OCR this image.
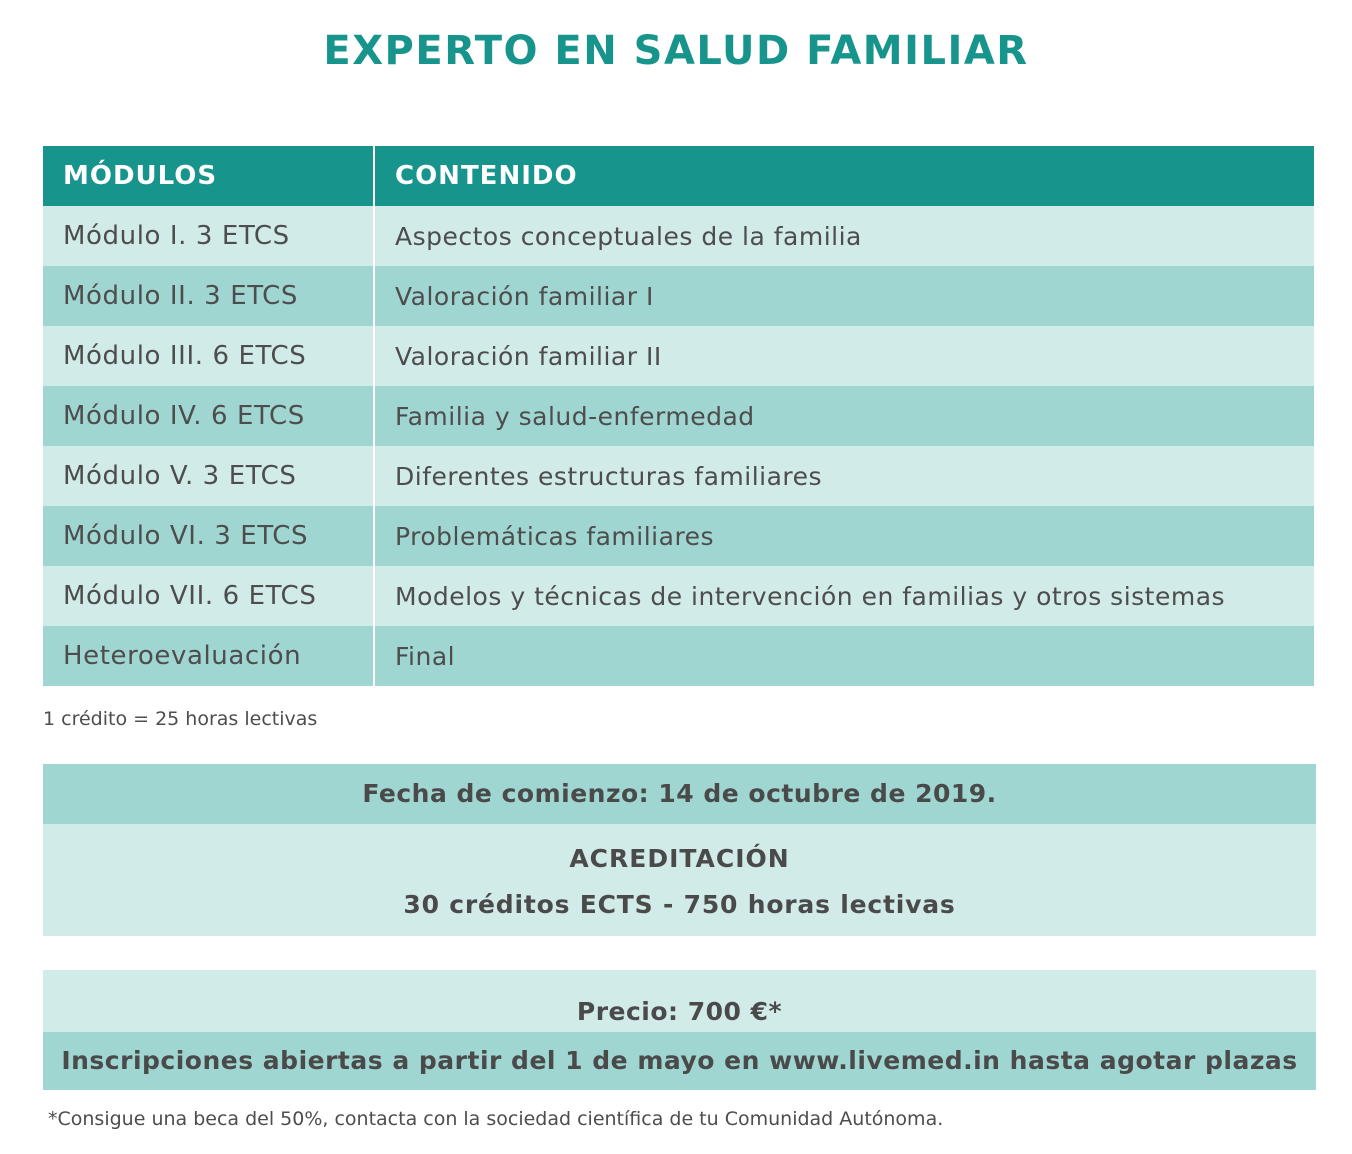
EXPERTO EN SALUD FAMILIAR
MÓDULOS	CONTENIDO
Módulo I. 3 ETCS	Aspectos conceptuales de la familia
Módulo II. 3 ETCS	Valoración familiar I
Módulo III. 6 ETCS	Valoración familiar II
Módulo IV. 6 ETCS	Familia y salud-enfermedad
Módulo V. 3 ETCS	Diferentes estructuras familiares
Módulo VI. 3 ETCS	Problemáticas familiares
Módulo VII. 6 ETCS	Modelos y técnicas de intervención en familias y otros sistemas
Heteroevaluación	Final
1 crédito = 25 horas lectivas
Fecha de comienzo: 14 de octubre de 2019.
ACREDITACIÓN
30 créditos ECTS - 750 horas lectivas
Precio: 700 €*
Inscripciones abiertas a partir del 1 de mayo en www.livemed.in hasta agotar plazas
*Consigue una beca del 50%, contacta con la sociedad científica de tu Comunidad Autónoma.
